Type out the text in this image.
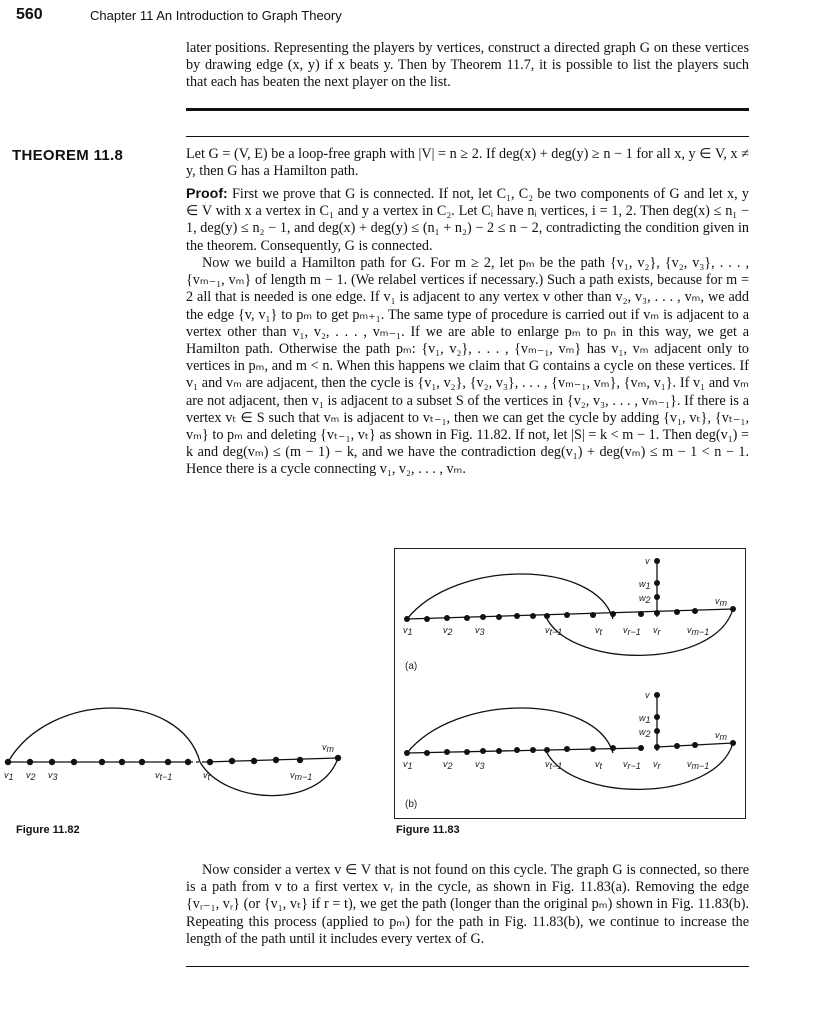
560	Chapter 11 An Introduction to Graph Theory

later positions. Representing the players by vertices, construct a directed graph G on these vertices by drawing edge (x, y) if x beats y. Then by Theorem 11.7, it is possible to list the players such that each has beaten the next player on the list.

THEOREM 11.8	Let G = (V, E) be a loop-free graph with |V| = n ≥ 2. If deg(x) + deg(y) ≥ n − 1 for all x, y ∈ V, x ≠ y, then G has a Hamilton path.

Proof: First we prove that G is connected. If not, let C₁, C₂ be two components of G and let x, y ∈ V with x a vertex in C₁ and y a vertex in C₂. Let Cᵢ have nᵢ vertices, i = 1, 2. Then deg(x) ≤ n₁ − 1, deg(y) ≤ n₂ − 1, and deg(x) + deg(y) ≤ (n₁ + n₂) − 2 ≤ n − 2, contradicting the condition given in the theorem. Consequently, G is connected.

Now we build a Hamilton path for G. For m ≥ 2, let pₘ be the path {v₁, v₂}, {v₂, v₃}, . . . , {vₘ₋₁, vₘ} of length m − 1. (We relabel vertices if necessary.) Such a path exists, because for m = 2 all that is needed is one edge. If v₁ is adjacent to any vertex v other than v₂, v₃, . . . , vₘ, we add the edge {v, v₁} to pₘ to get pₘ₊₁. The same type of procedure is carried out if vₘ is adjacent to a vertex other than v₁, v₂, . . . , vₘ₋₁. If we are able to enlarge pₘ to pₙ in this way, we get a Hamilton path. Otherwise the path pₘ: {v₁, v₂}, . . . , {vₘ₋₁, vₘ} has v₁, vₘ adjacent only to vertices in pₘ, and m < n. When this happens we claim that G contains a cycle on these vertices. If v₁ and vₘ are adjacent, then the cycle is {v₁, v₂}, {v₂, v₃}, . . . , {vₘ₋₁, vₘ}, {vₘ, v₁}. If v₁ and vₘ are not adjacent, then v₁ is adjacent to a subset S of the vertices in {v₂, v₃, . . . , vₘ₋₁}. If there is a vertex vₜ ∈ S such that vₘ is adjacent to vₜ₋₁, then we can get the cycle by adding {v₁, vₜ}, {vₜ₋₁, vₘ} to pₘ and deleting {vₜ₋₁, vₜ} as shown in Fig. 11.82. If not, let |S| = k < m − 1. Then deg(v₁) = k and deg(vₘ) ≤ (m − 1) − k, and we have the contradiction deg(v₁) + deg(vₘ) ≤ m − 1 < n − 1. Hence there is a cycle connecting v₁, v₂, . . . , vₘ.

v1 v2 v3	vt−1	vt	vm−1
vm
Figure 11.82
v
w1
w2	vm
v1	v2 v3	vt−1	vt vr−1 vr	vm−1
(a)
v
w1
w2	vm
v1	v2 v3	vt−1	vt vr−1 vr	vm−1
(b)
Figure 11.83

Now consider a vertex v ∈ V that is not found on this cycle. The graph G is connected, so there is a path from v to a first vertex vᵣ in the cycle, as shown in Fig. 11.83(a). Removing the edge {vᵣ₋₁, vᵣ} (or {v₁, vₜ} if r = t), we get the path (longer than the original pₘ) shown in Fig. 11.83(b). Repeating this process (applied to pₘ) for the path in Fig. 11.83(b), we continue to increase the length of the path until it includes every vertex of G.
